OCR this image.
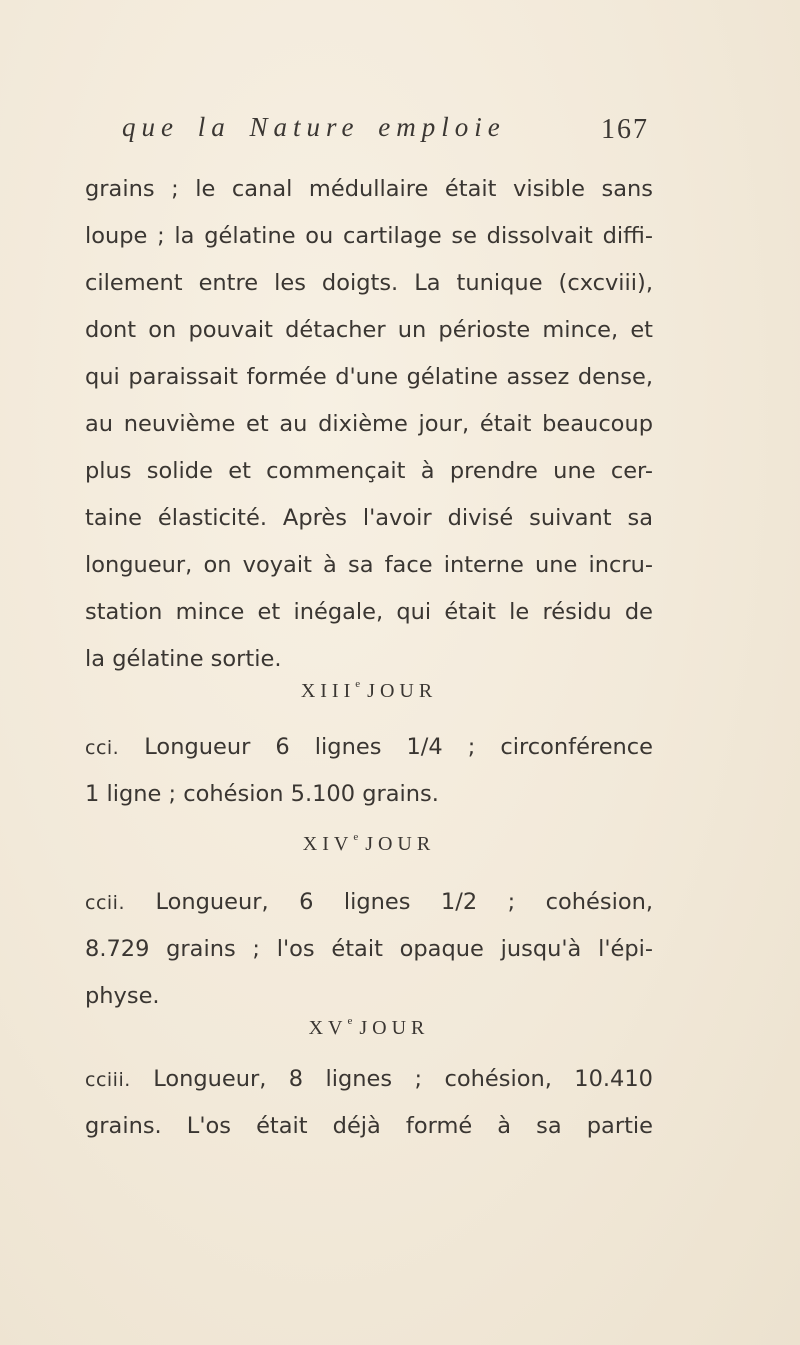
que la Nature emploie	167
grains ; le canal médullaire était visible sans
loupe ; la gélatine ou cartilage se dissolvait diffi-
cilement entre les doigts. La tunique (cxcviii),
dont on pouvait détacher un périoste mince, et
qui paraissait formée d'une gélatine assez dense,
au neuvième et au dixième jour, était beaucoup
plus solide et commençait à prendre une cer-
taine élasticité. Après l'avoir divisé suivant sa
longueur, on voyait à sa face interne une incru-
station mince et inégale, qui était le résidu de
la gélatine sortie.
XIIIe JOUR
cci. Longueur 6 lignes 1/4 ; circonférence
1 ligne ; cohésion 5.100 grains.
XIVe JOUR
ccii. Longueur, 6 lignes 1/2 ; cohésion,
8.729 grains ; l'os était opaque jusqu'à l'épi-
physe.
XVe JOUR
cciii. Longueur, 8 lignes ; cohésion, 10.410
grains. L'os était déjà formé à sa partie
